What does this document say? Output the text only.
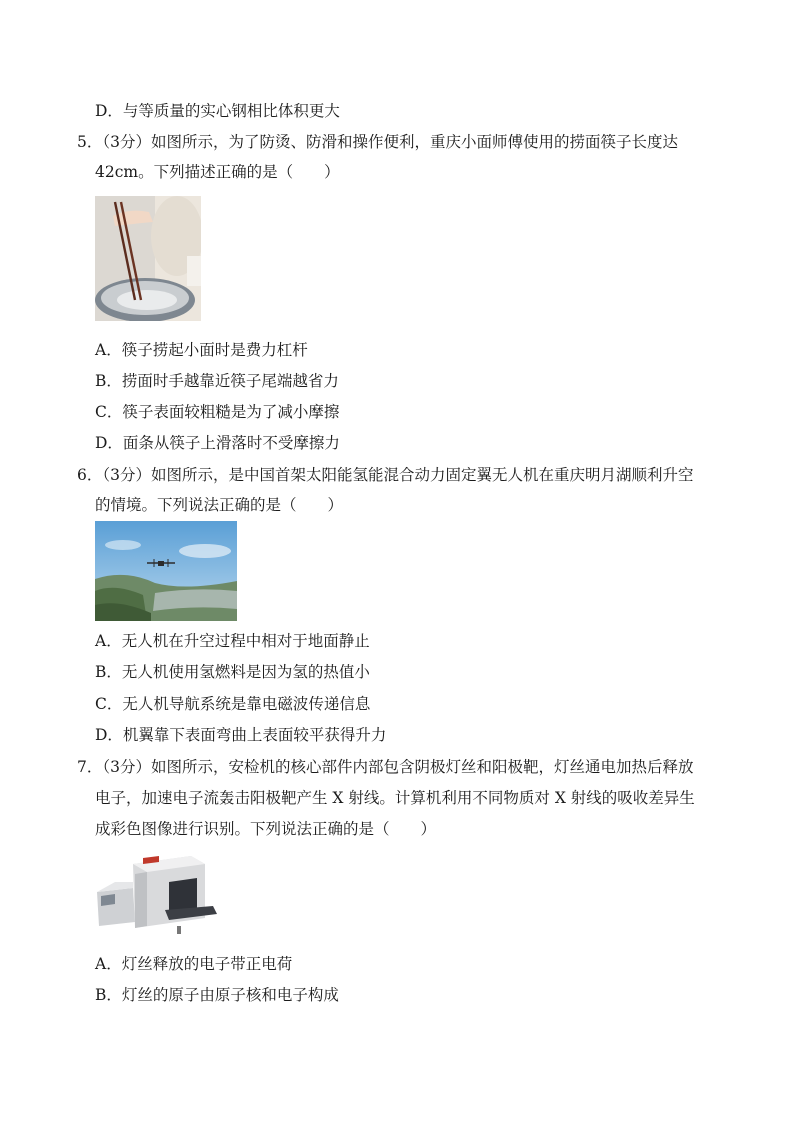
D．与等质量的实心钢相比体积更大
5．（3分）如图所示，为了防烫、防滑和操作便利，重庆小面师傅使用的捞面筷子长度达
42cm。下列描述正确的是（　　）
A．筷子捞起小面时是费力杠杆
B．捞面时手越靠近筷子尾端越省力
C．筷子表面较粗糙是为了减小摩擦
D．面条从筷子上滑落时不受摩擦力
6．（3分）如图所示，是中国首架太阳能氢能混合动力固定翼无人机在重庆明月湖顺利升空
的情境。下列说法正确的是（　　）
A．无人机在升空过程中相对于地面静止
B．无人机使用氢燃料是因为氢的热值小
C．无人机导航系统是靠电磁波传递信息
D．机翼靠下表面弯曲上表面较平获得升力
7．（3分）如图所示，安检机的核心部件内部包含阴极灯丝和阳极靶，灯丝通电加热后释放
电子，加速电子流轰击阳极靶产生 X 射线。计算机利用不同物质对 X 射线的吸收差异生
成彩色图像进行识别。下列说法正确的是（　　）
A．灯丝释放的电子带正电荷
B．灯丝的原子由原子核和电子构成
